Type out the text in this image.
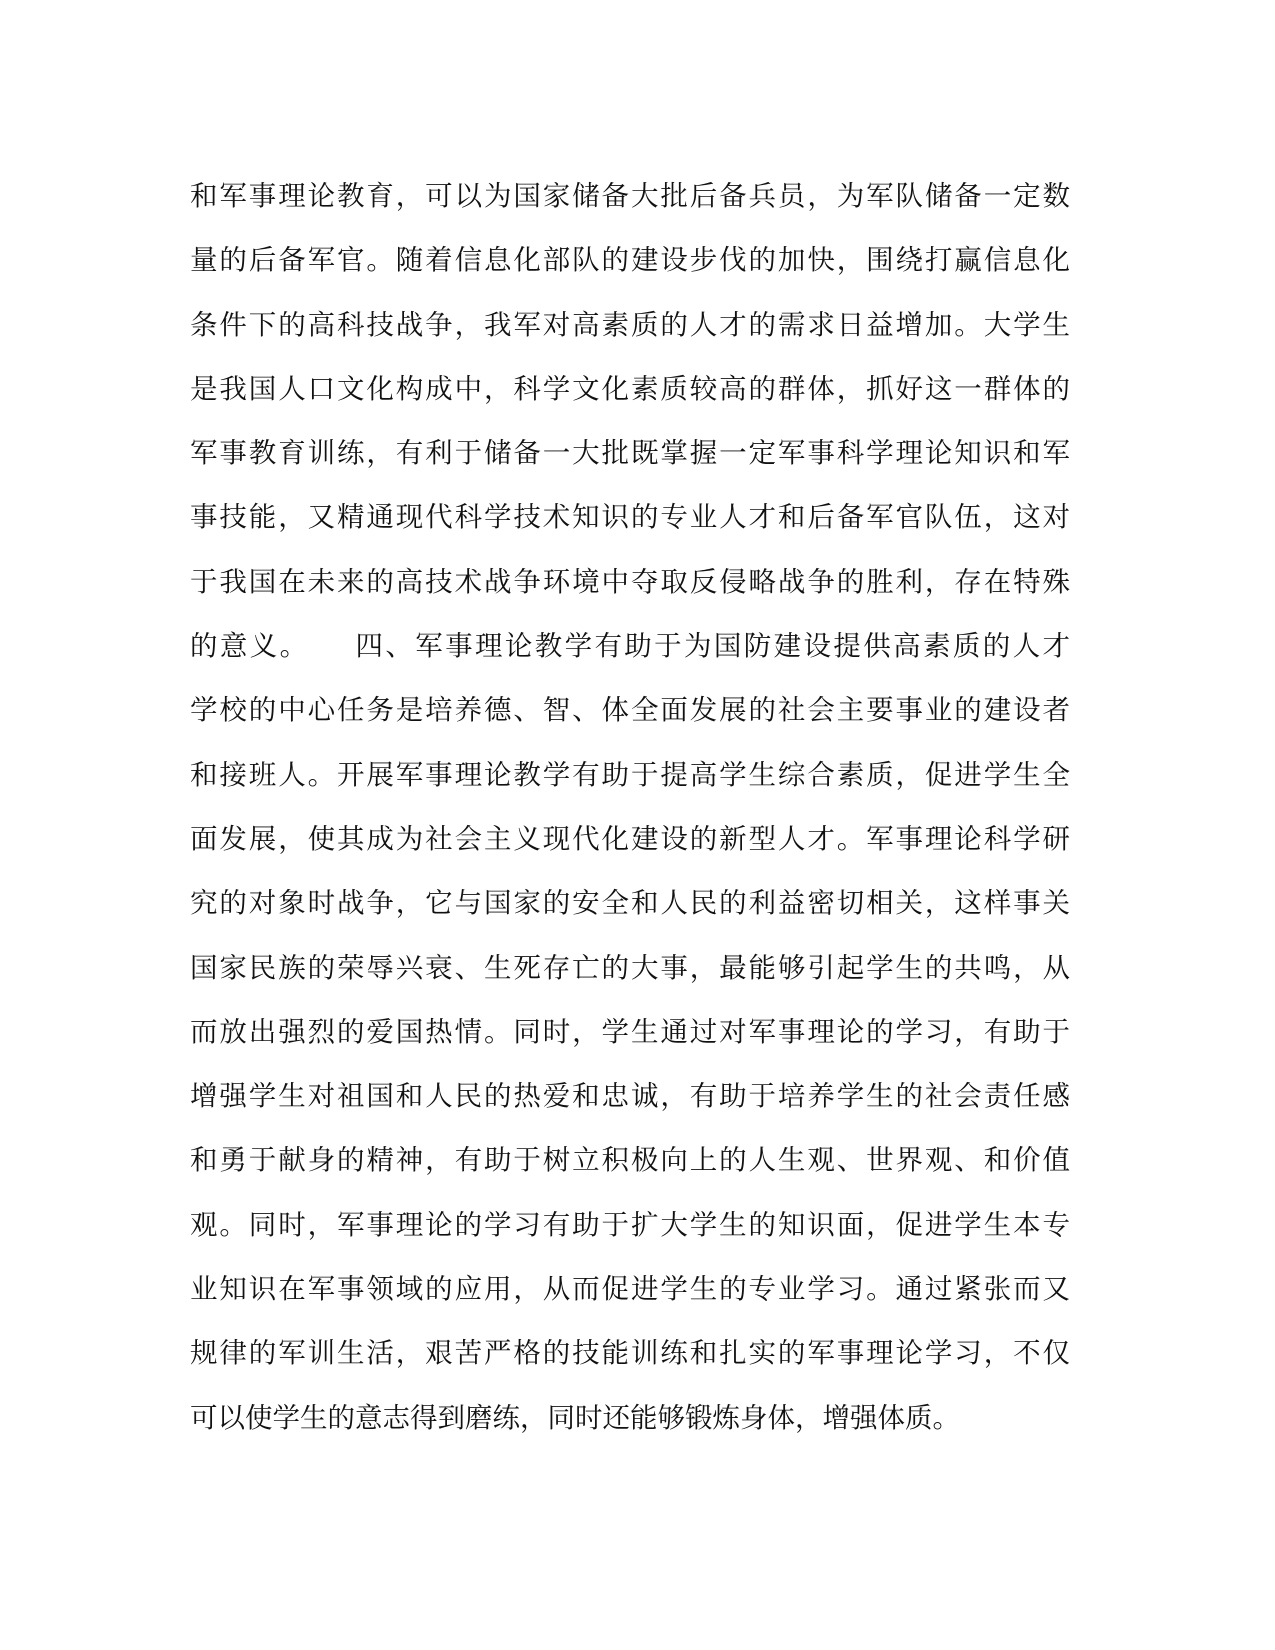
和军事理论教育，可以为国家储备大批后备兵员，为军队储备一定数
量的后备军官。随着信息化部队的建设步伐的加快，围绕打赢信息化
条件下的高科技战争，我军对高素质的人才的需求日益增加。大学生
是我国人口文化构成中，科学文化素质较高的群体，抓好这一群体的
军事教育训练，有利于储备一大批既掌握一定军事科学理论知识和军
事技能，又精通现代科学技术知识的专业人才和后备军官队伍，这对
于我国在未来的高技术战争环境中夺取反侵略战争的胜利，存在特殊
的意义。　　四、军事理论教学有助于为国防建设提供高素质的人才
学校的中心任务是培养德、智、体全面发展的社会主要事业的建设者
和接班人。开展军事理论教学有助于提高学生综合素质，促进学生全
面发展，使其成为社会主义现代化建设的新型人才。军事理论科学研
究的对象时战争，它与国家的安全和人民的利益密切相关，这样事关
国家民族的荣辱兴衰、生死存亡的大事，最能够引起学生的共鸣，从
而放出强烈的爱国热情。同时，学生通过对军事理论的学习，有助于
增强学生对祖国和人民的热爱和忠诚，有助于培养学生的社会责任感
和勇于献身的精神，有助于树立积极向上的人生观、世界观、和价值
观。同时，军事理论的学习有助于扩大学生的知识面，促进学生本专
业知识在军事领域的应用，从而促进学生的专业学习。通过紧张而又
规律的军训生活，艰苦严格的技能训练和扎实的军事理论学习，不仅
可以使学生的意志得到磨练，同时还能够锻炼身体，增强体质。
